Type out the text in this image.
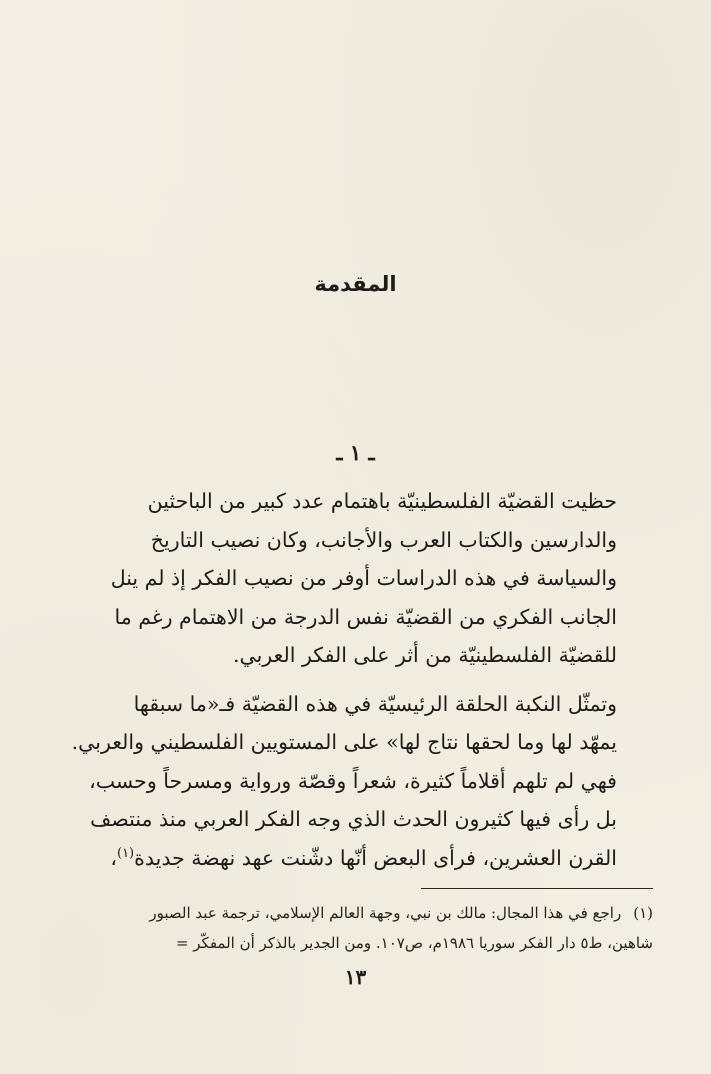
المقدمة
ـ ١ ـ

حظيت القضيّة الفلسطينيّة باهتمام عدد كبير من الباحثين
والدارسين والكتاب العرب والأجانب، وكان نصيب التاريخ
والسياسة في هذه الدراسات أوفر من نصيب الفكر إذ لم ينل
الجانب الفكري من القضيّة نفس الدرجة من الاهتمام رغم ما
للقضيّة الفلسطينيّة من أثر على الفكر العربي.

وتمثّل النكبة الحلقة الرئيسيّة في هذه القضيّة فـ«ما سبقها
يمهّد لها وما لحقها نتاج لها» على المستويين الفلسطيني والعربي.
فهي لم تلهم أقلاماً كثيرة، شعراً وقصّة ورواية ومسرحاً وحسب،
بل رأى فيها كثيرون الحدث الذي وجه الفكر العربي منذ منتصف
القرن العشرين، فرأى البعض أنّها دشّنت عهد نهضة جديدة$^{(١)}$،

(١)راجع في هذا المجال: مالك بن نبي، وجهة العالم الإسلامي، ترجمة عبد الصبور
شاهين، ط٥ دار الفكر سوريا ١٩٨٦م، ص١٠٧. ومن الجدير بالذكر أن المفكّر =
١٣
